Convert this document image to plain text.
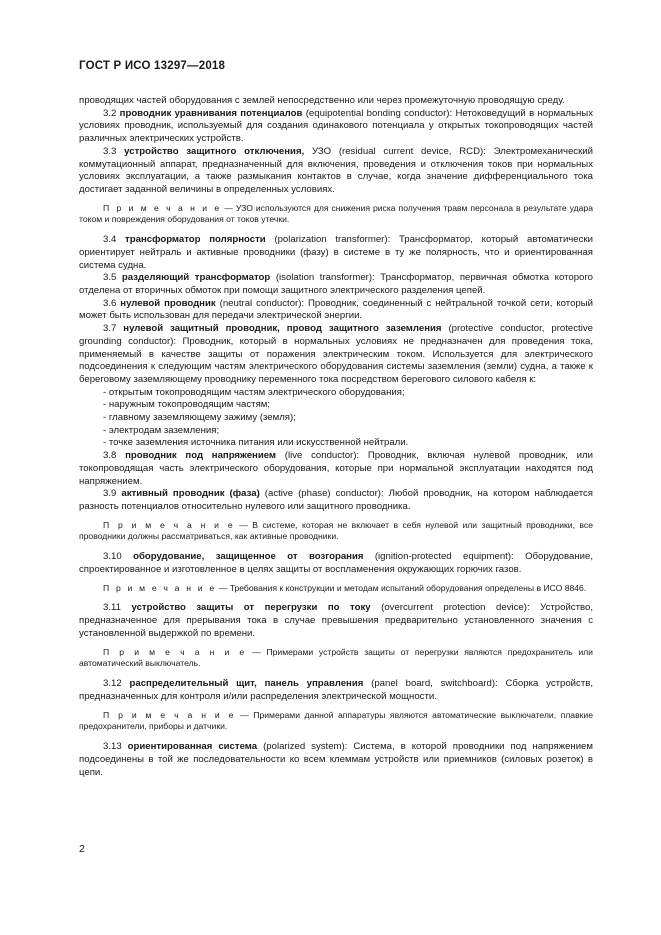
ГОСТ Р ИСО 13297—2018

проводящих частей оборудования с землей непосредственно или через промежуточную проводящую среду.

3.2 проводник уравнивания потенциалов (equipotential bonding conductor): Нетоковедущий в нормальных условиях проводник, используемый для создания одинакового потенциала у открытых токопроводящих частей различных электрических устройств.

3.3 устройство защитного отключения, УЗО (residual current device, RCD): Электромеханический коммутационный аппарат, предназначенный для включения, проведения и отключения токов при нормальных условиях эксплуатации, а также размыкания контактов в случае, когда значение дифференциального тока достигает заданной величины в определенных условиях.

П р и м е ч а н и е — УЗО используются для снижения риска получения травм персонала в результате удара током и повреждения оборудования от токов утечки.

3.4 трансформатор полярности (polarization transformer): Трансформатор, который автоматически ориентирует нейтраль и активные проводники (фазу) в системе в ту же полярность, что и ориентированная система судна.

3.5 разделяющий трансформатор (isolation transformer): Трансформатор, первичная обмотка которого отделена от вторичных обмоток при помощи защитного электрического разделения цепей.

3.6 нулевой проводник (neutral conductor): Проводник, соединенный с нейтральной точкой сети, который может быть использован для передачи электрической энергии.

3.7 нулевой защитный проводник, провод защитного заземления (protective conductor, protective grounding conductor): Проводник, который в нормальных условиях не предназначен для проведения тока, применяемый в качестве защиты от поражения электрическим током. Используется для электрического подсоединения к следующим частям электрического оборудования системы заземления (земли) судна, а также к береговому заземляющему проводнику переменного тока посредством берегового силового кабеля к:

- открытым токопроводящим частям электрического оборудования;

- наружным токопроводящим частям;

- главному заземляющему зажиму (земля);

- электродам заземления;

- точке заземления источника питания или искусственной нейтрали.

3.8 проводник под напряжением (live conductor): Проводник, включая нулевой проводник, или токопроводящая часть электрического оборудования, которые при нормальной эксплуатации находятся под напряжением.

3.9 активный проводник (фаза) (active (phase) conductor): Любой проводник, на котором наблюдается разность потенциалов относительно нулевого или защитного проводника.

П р и м е ч а н и е — В системе, которая не включает в себя нулевой или защитный проводники, все проводники должны рассматриваться, как активные проводники.

3.10 оборудование, защищенное от возгорания (ignition-protected equipment): Оборудование, спроектированное и изготовленное в целях защиты от воспламенения окружающих горючих газов.

П р и м е ч а н и е — Требования к конструкции и методам испытаний оборудования определены в ИСО 8846.

3.11 устройство защиты от перегрузки по току (overcurrent protection device): Устройство, предназначенное для прерывания тока в случае превышения предварительно установленного значения с установленной выдержкой по времени.

П р и м е ч а н и е — Примерами устройств защиты от перегрузки являются предохранитель или автоматический выключатель.

3.12 распределительный щит, панель управления (panel board, switchboard): Сборка устройств, предназначенных для контроля и/или распределения электрической мощности.

П р и м е ч а н и е — Примерами данной аппаратуры являются автоматические выключатели, плавкие предохранители, приборы и датчики.

3.13 ориентированная система (polarized system): Система, в которой проводники под напряжением подсоединены в той же последовательности ко всем клеммам устройств или приемников (силовых розеток) в цепи.

2
